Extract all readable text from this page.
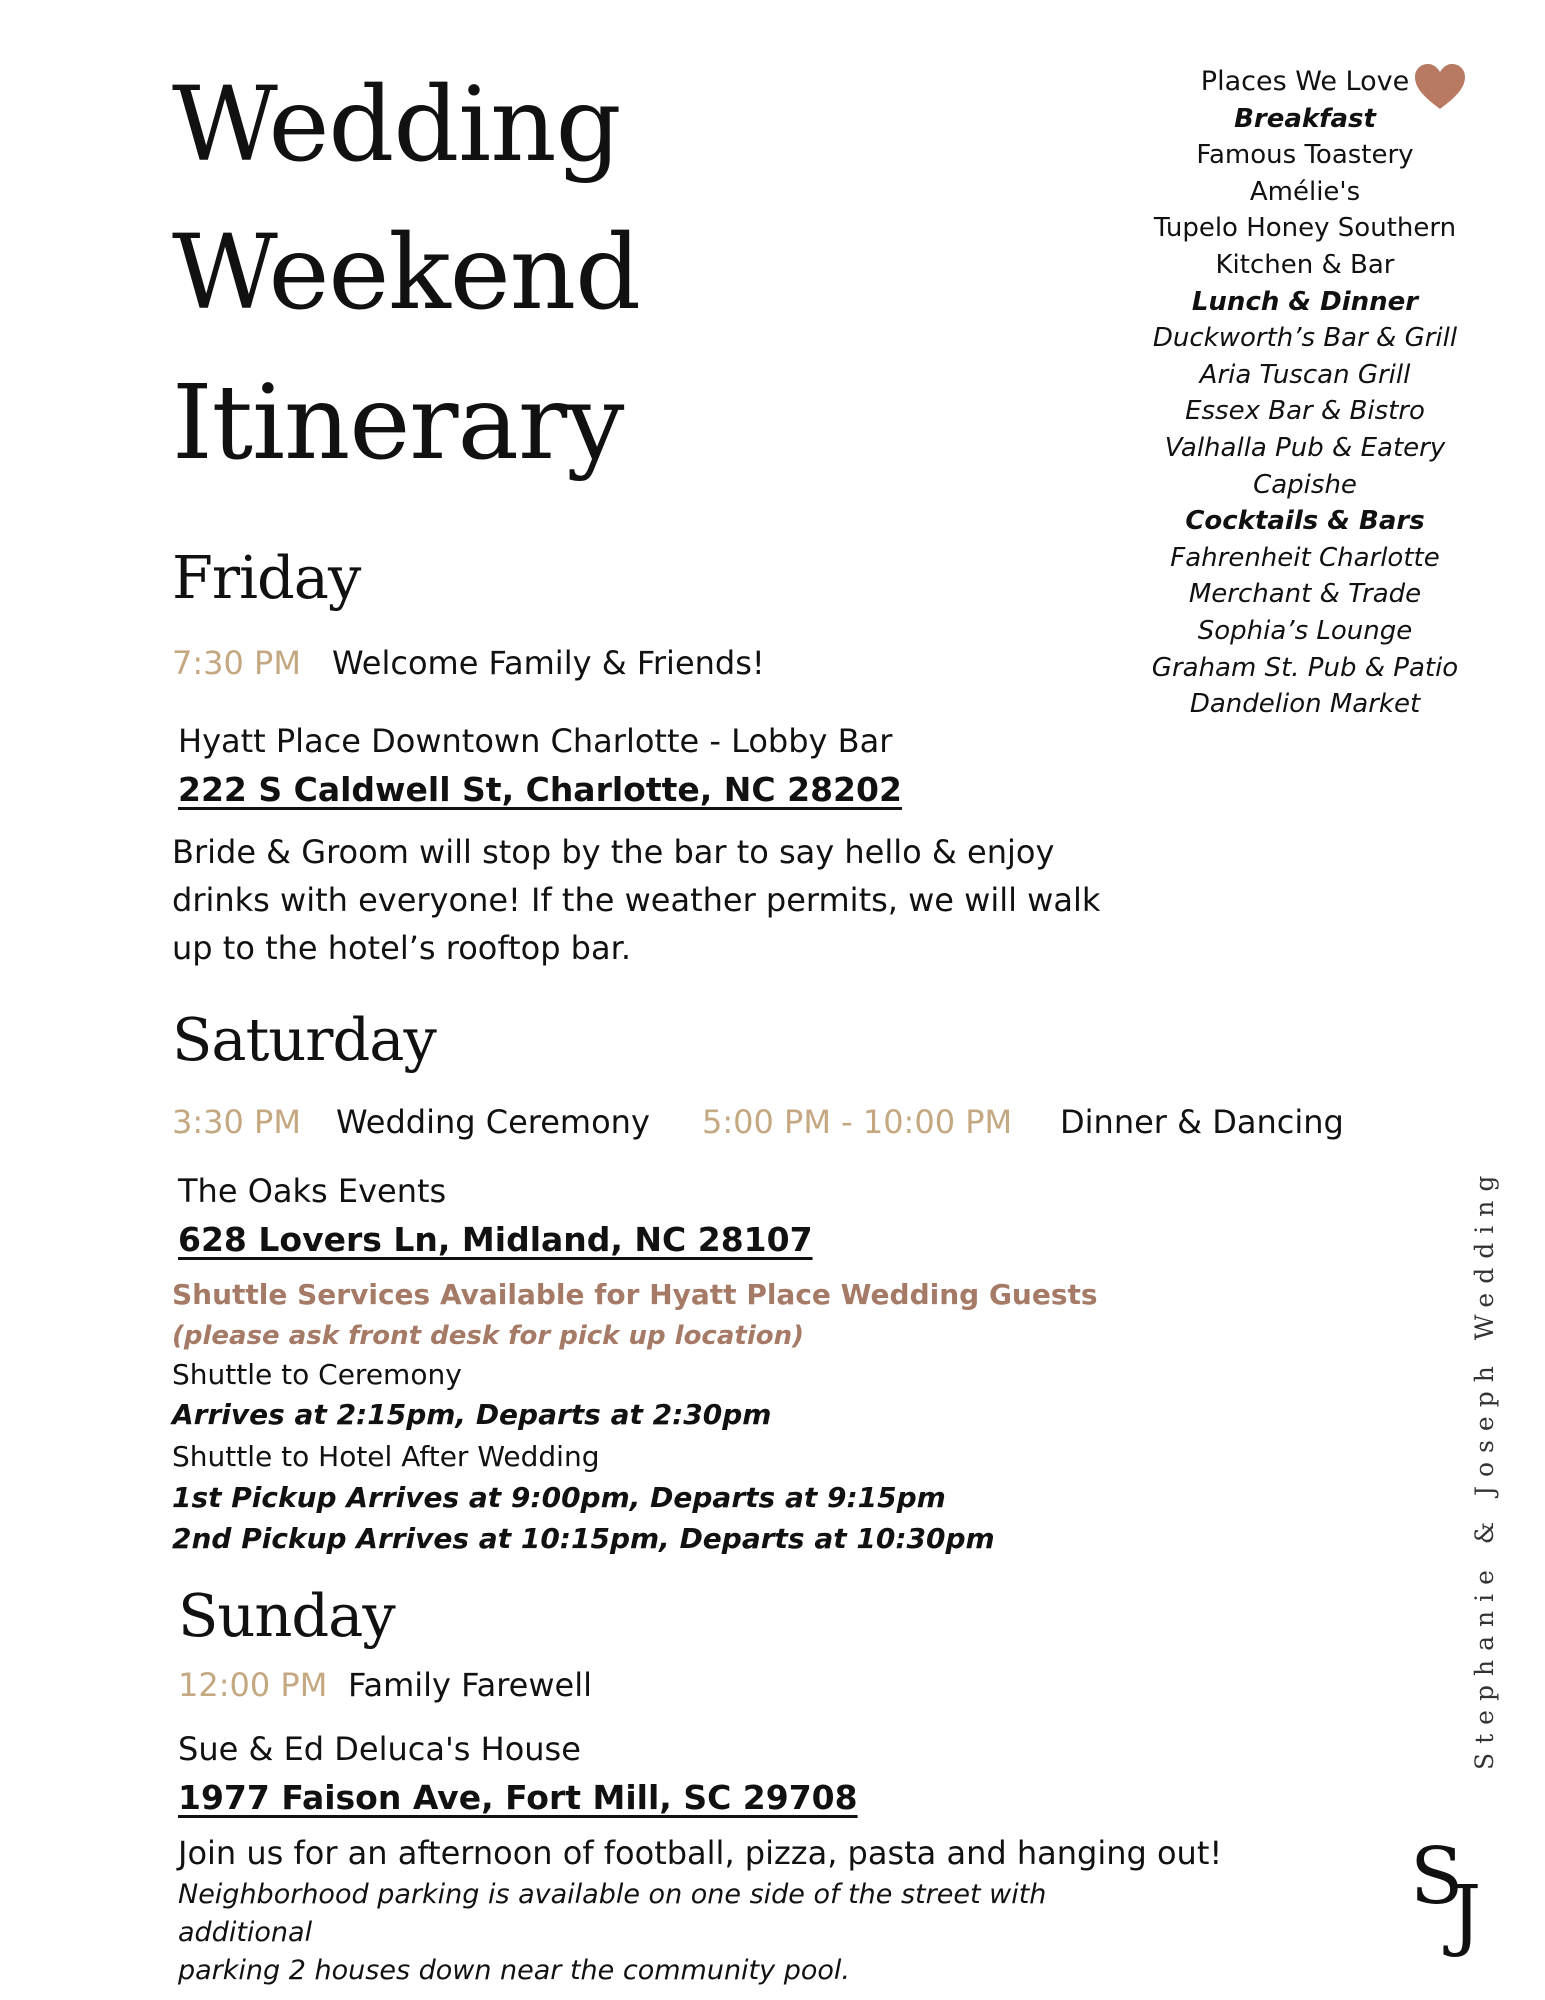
Wedding
Weekend
Itinerary
Friday
7:30 PM Welcome Family & Friends!
Hyatt Place Downtown Charlotte - Lobby Bar
222 S Caldwell St, Charlotte, NC 28202
Bride & Groom will stop by the bar to say hello & enjoy
drinks with everyone! If the weather permits, we will walk
up to the hotel’s rooftop bar.
Saturday
3:30 PM Wedding Ceremony 5:00 PM - 10:00 PM Dinner & Dancing
The Oaks Events
628 Lovers Ln, Midland, NC 28107
Shuttle Services Available for Hyatt Place Wedding Guests
(please ask front desk for pick up location)
Shuttle to Ceremony
Arrives at 2:15pm, Departs at 2:30pm
Shuttle to Hotel After Wedding
1st Pickup Arrives at 9:00pm, Departs at 9:15pm
2nd Pickup Arrives at 10:15pm, Departs at 10:30pm
Sunday
12:00 PM Family Farewell
Sue & Ed Deluca's House
1977 Faison Ave, Fort Mill, SC 29708
Join us for an afternoon of football, pizza, pasta and hanging out!
Neighborhood parking is available on one side of the street with additional
parking 2 houses down near the community pool.
Places We Love
Breakfast
Famous Toastery
Amélie's
Tupelo Honey Southern
Kitchen & Bar
Lunch & Dinner
Duckworth’s Bar & Grill
Aria Tuscan Grill
Essex Bar & Bistro
Valhalla Pub & Eatery
Capishe
Cocktails & Bars
Fahrenheit Charlotte
Merchant & Trade
Sophia’s Lounge
Graham St. Pub & Patio
Dandelion Market
Stephanie & Joseph Wedding
S
J
